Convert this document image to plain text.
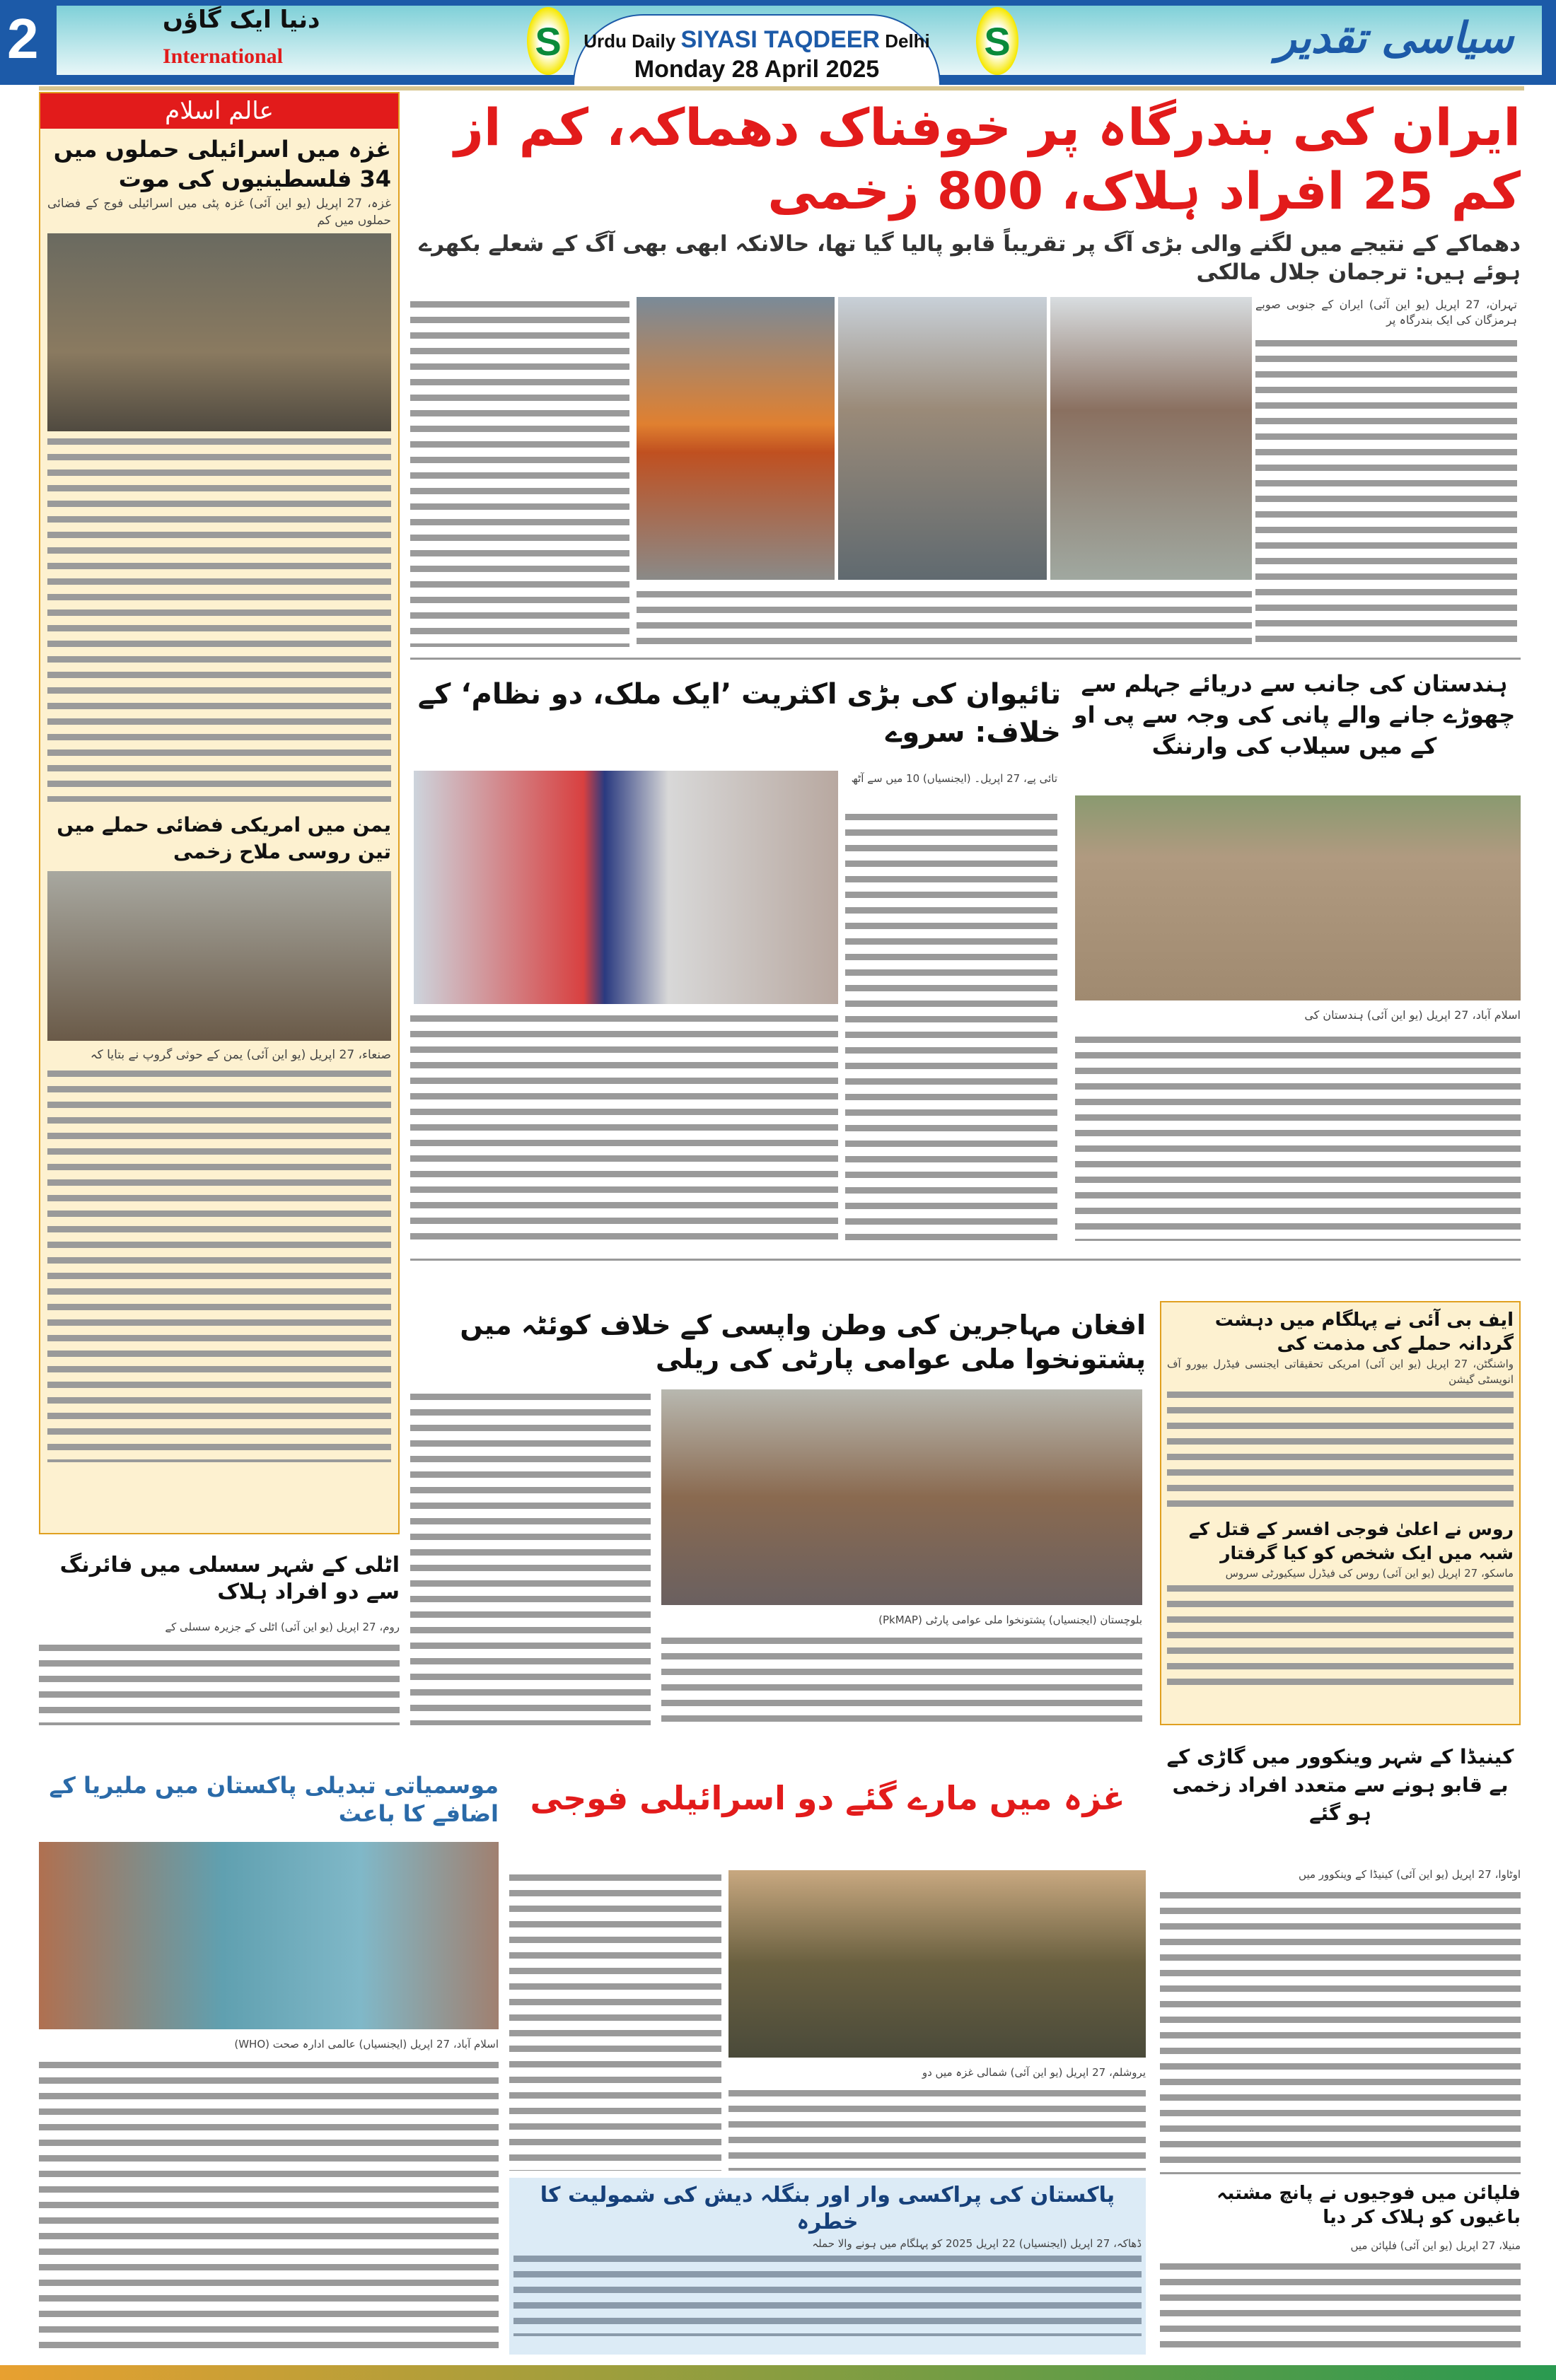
2	دنیا ایک گاؤں
International	S	S
Urdu Daily SIYASI TAQDEER Delhi
Monday 28 April 2025
سیاسی تقدیر
عالم اسلام
غزہ میں اسرائیلی حملوں میں 34 فلسطینیوں کی موت
غزہ، 27 اپریل (یو این آئی) غزہ پٹی میں اسرائیلی فوج کے فضائی حملوں میں کم
یمن میں امریکی فضائی حملے میں تین روسی ملاح زخمی
صنعاء، 27 اپریل (یو این آئی) یمن کے حوثی گروپ نے بتایا کہ
ایران کی بندرگاہ پر خوفناک دھماکہ، کم از کم 25 افراد ہلاک، 800 زخمی
دھماکے کے نتیجے میں لگنے والی بڑی آگ پر تقریباً قابو پالیا گیا تھا، حالانکہ ابھی بھی آگ کے شعلے بکھرے ہوئے ہیں: ترجمان جلال مالکی
تہران، 27 اپریل (یو این آئی) ایران کے جنوبی صوبے ہرمزگان کی ایک بندرگاہ پر
ہندستان کی جانب سے دریائے جہلم سے چھوڑے جانے والے پانی کی وجہ سے پی او کے میں سیلاب کی وارننگ
اسلام آباد، 27 اپریل (یو این آئی) ہندستان کی
تائیوان کی بڑی اکثریت ’ایک ملک، دو نظام‘ کے خلاف: سروے
تائی پے، 27 اپریل۔ (ایجنسیاں) 10 میں سے آٹھ
افغان مہاجرین کی وطن واپسی کے خلاف کوئٹہ میں پشتونخوا ملی عوامی پارٹی کی ریلی
بلوچستان (ایجنسیاں) پشتونخوا ملی عوامی پارٹی (PkMAP)
ایف بی آئی نے پہلگام میں دہشت گردانہ حملے کی مذمت کی
واشنگٹن، 27 اپریل (یو این آئی) امریکی تحقیقاتی ایجنسی فیڈرل بیورو آف انویسٹی گیشن
روس نے اعلیٰ فوجی افسر کے قتل کے شبہ میں ایک شخص کو کیا گرفتار
ماسکو، 27 اپریل (یو این آئی) روس کی فیڈرل سیکیورٹی سروس
اٹلی کے شہر سسلی میں فائرنگ سے دو افراد ہلاک
روم، 27 اپریل (یو این آئی) اٹلی کے جزیرہ سسلی کے
موسمیاتی تبدیلی پاکستان میں ملیریا کے اضافے کا باعث
اسلام آباد، 27 اپریل (ایجنسیاں) عالمی ادارہ صحت (WHO)
غزہ میں مارے گئے دو اسرائیلی فوجی
یروشلم، 27 اپریل (یو این آئی) شمالی غزہ میں دو
پاکستان کی پراکسی وار اور بنگلہ دیش کی شمولیت کا خطرہ
ڈھاکہ، 27 اپریل (ایجنسیاں) 22 اپریل 2025 کو پہلگام میں ہونے والا حملہ
کینیڈا کے شہر وینکوور میں گاڑی کے بے قابو ہونے سے متعدد افراد زخمی ہو گئے
اوٹاوا، 27 اپریل (یو این آئی) کینیڈا کے وینکوور میں
فلپائن میں فوجیوں نے پانچ مشتبہ باغیوں کو ہلاک کر دیا
منیلا، 27 اپریل (یو این آئی) فلپائن میں
